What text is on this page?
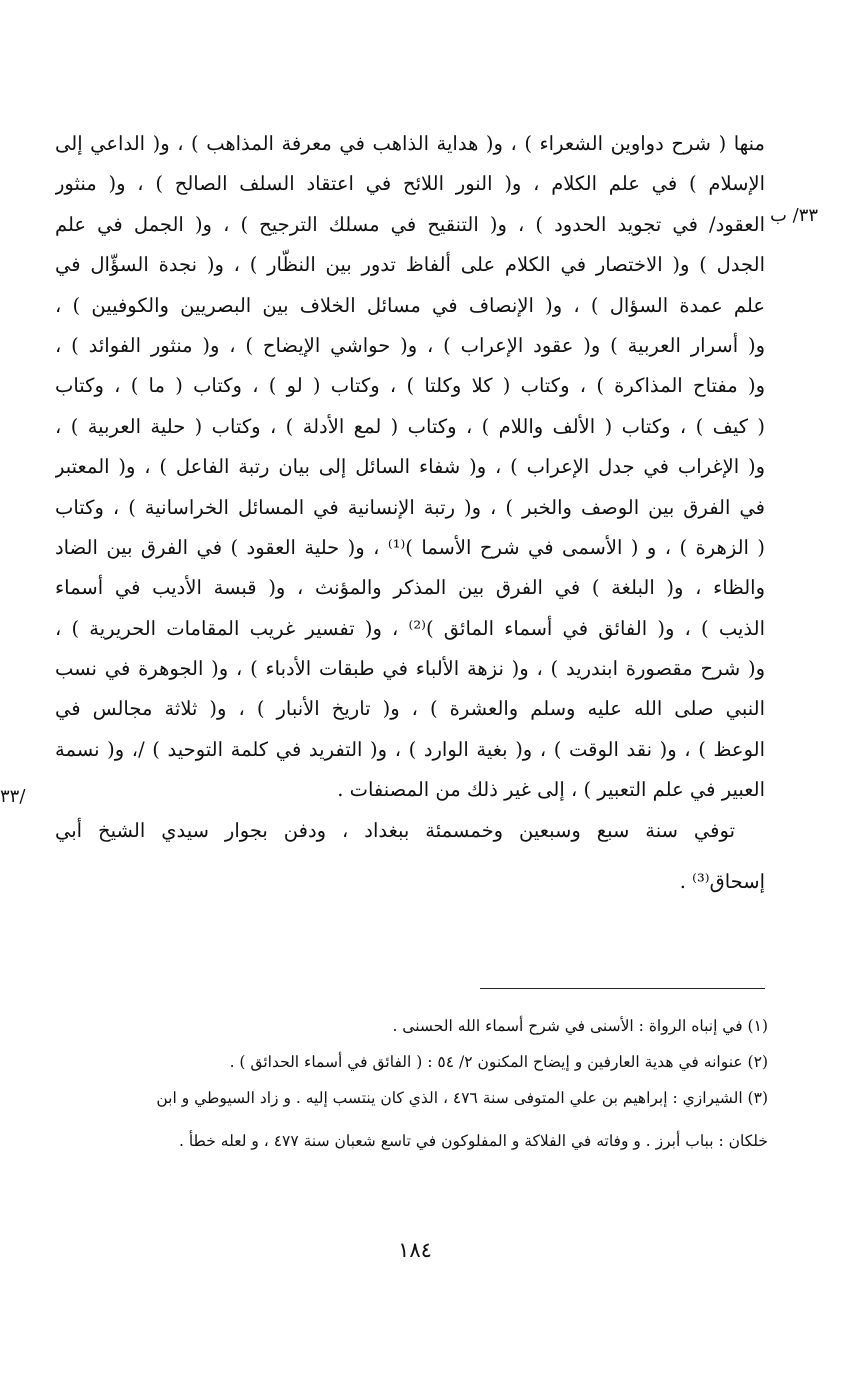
منها ( شرح دواوين الشعراء ) ، و( هداية الذاهب في معرفة المذاهب ) ، و( الداعي إلى
الإسلام ) في علم الكلام ، و( النور اللائح في اعتقاد السلف الصالح ) ، و( منثور
العقود/ في تجويد الحدود ) ، و( التنقيح في مسلك الترجيح ) ، و( الجمل في علم
الجدل ) و( الاختصار في الكلام على ألفاظ تدور بين النظّار ) ، و( نجدة السؤّال في
علم عمدة السؤال ) ، و( الإنصاف في مسائل الخلاف بين البصريين والكوفيين ) ،
و( أسرار العربية ) و( عقود الإعراب ) ، و( حواشي الإيضاح ) ، و( منثور الفوائد ) ،
و( مفتاح المذاكرة ) ، وكتاب ( كلا وكلتا ) ، وكتاب ( لو ) ، وكتاب ( ما ) ، وكتاب
( كيف ) ، وكتاب ( الألف واللام ) ، وكتاب ( لمع الأدلة ) ، وكتاب ( حلية العربية ) ،
و( الإغراب في جدل الإعراب ) ، و( شفاء السائل إلى بيان رتبة الفاعل ) ، و( المعتبر
في الفرق بين الوصف والخبر ) ، و( رتبة الإنسانية في المسائل الخراسانية ) ، وكتاب
( الزهرة ) ، و ( الأسمى في شرح الأسما )⁽¹⁾ ، و( حلية العقود ) في الفرق بين الضاد
والظاء ، و( البلغة ) في الفرق بين المذكر والمؤنث ، و( قبسة الأديب في أسماء
الذيب ) ، و( الفائق في أسماء المائق )⁽²⁾ ، و( تفسير غريب المقامات الحريرية ) ،
و( شرح مقصورة ابندريد ) ، و( نزهة الألباء في طبقات الأدباء ) ، و( الجوهرة في نسب
النبي صلى الله عليه وسلم والعشرة ) ، و( تاريخ الأنبار ) ، و( ثلاثة مجالس في
الوعظ ) ، و( نقد الوقت ) ، و( بغية الوارد ) ، و( التفريد في كلمة التوحيد ) /، و( نسمة
العبير في علم التعبير ) ، إلى غير ذلك من المصنفات .
توفي سنة سبع وسبعين وخمسمئة ببغداد ، ودفن بجوار سيدي الشيخ أبي
إسحاق⁽³⁾ .
٣٣/ ب
٣٣/
(١) في إنباه الرواة : الأسنى في شرح أسماء الله الحسنى .
(٢) عنوانه في هدية العارفين و إيضاح المكنون ٢/ ٥٤ : ( الفائق في أسماء الحدائق ) .
(٣) الشيرازي : إبراهيم بن علي المتوفى سنة ٤٧٦ ، الذي كان ينتسب إليه . و زاد السيوطي و ابن
خلكان : بباب أبرز . و وفاته في الفلاكة و المفلوكون في تاسع شعبان سنة ٤٧٧ ، و لعله خطأ .
١٨٤
